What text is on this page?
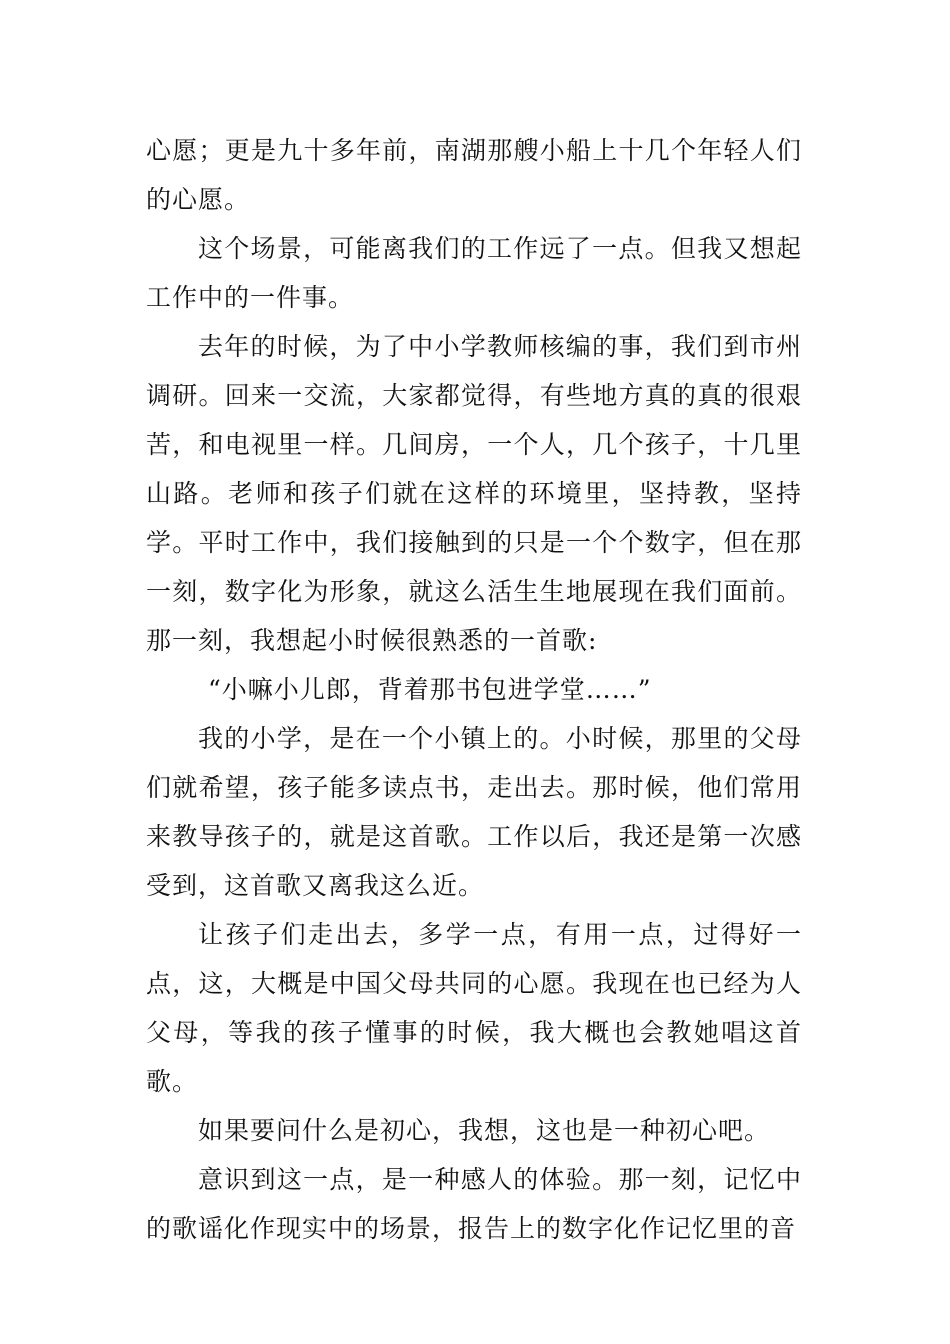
心愿；更是九十多年前，南湖那艘小船上十几个年轻人们的心愿。

这个场景，可能离我们的工作远了一点。但我又想起工作中的一件事。

去年的时候，为了中小学教师核编的事，我们到市州调研。回来一交流，大家都觉得，有些地方真的真的很艰苦，和电视里一样。几间房，一个人，几个孩子，十几里山路。老师和孩子们就在这样的环境里，坚持教，坚持学。平时工作中，我们接触到的只是一个个数字，但在那一刻，数字化为形象，就这么活生生地展现在我们面前。那一刻，我想起小时候很熟悉的一首歌:

“小嘛小儿郎，背着那书包进学堂……”

我的小学，是在一个小镇上的。小时候，那里的父母们就希望，孩子能多读点书，走出去。那时候，他们常用来教导孩子的，就是这首歌。工作以后，我还是第一次感受到，这首歌又离我这么近。

让孩子们走出去，多学一点，有用一点，过得好一点，这，大概是中国父母共同的心愿。我现在也已经为人父母，等我的孩子懂事的时候，我大概也会教她唱这首歌。

如果要问什么是初心，我想，这也是一种初心吧。

意识到这一点，是一种感人的体验。那一刻，记忆中的歌谣化作现实中的场景，报告上的数字化作记忆里的音
